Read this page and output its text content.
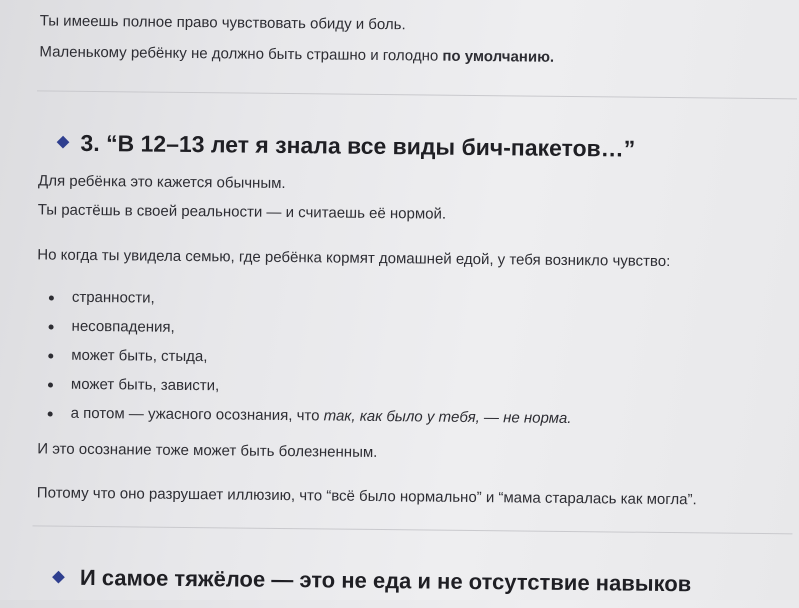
Ты имеешь полное право чувствовать обиду и боль.
Маленькому ребёнку не должно быть страшно и голодно по умолчанию.
3. “В 12–13 лет я знала все виды бич-пакетов…”
Для ребёнка это кажется обычным.
Ты растёшь в своей реальности — и считаешь её нормой.
Но когда ты увидела семью, где ребёнка кормят домашней едой, у тебя возникло чувство:
странности,
несовпадения,
может быть, стыда,
может быть, зависти,
а потом — ужасного осознания, что так, как было у тебя, — не норма.
И это осознание тоже может быть болезненным.
Потому что оно разрушает иллюзию, что “всё было нормально” и “мама старалась как могла”.
И самое тяжёлое — это не еда и не отсутствие навыков
